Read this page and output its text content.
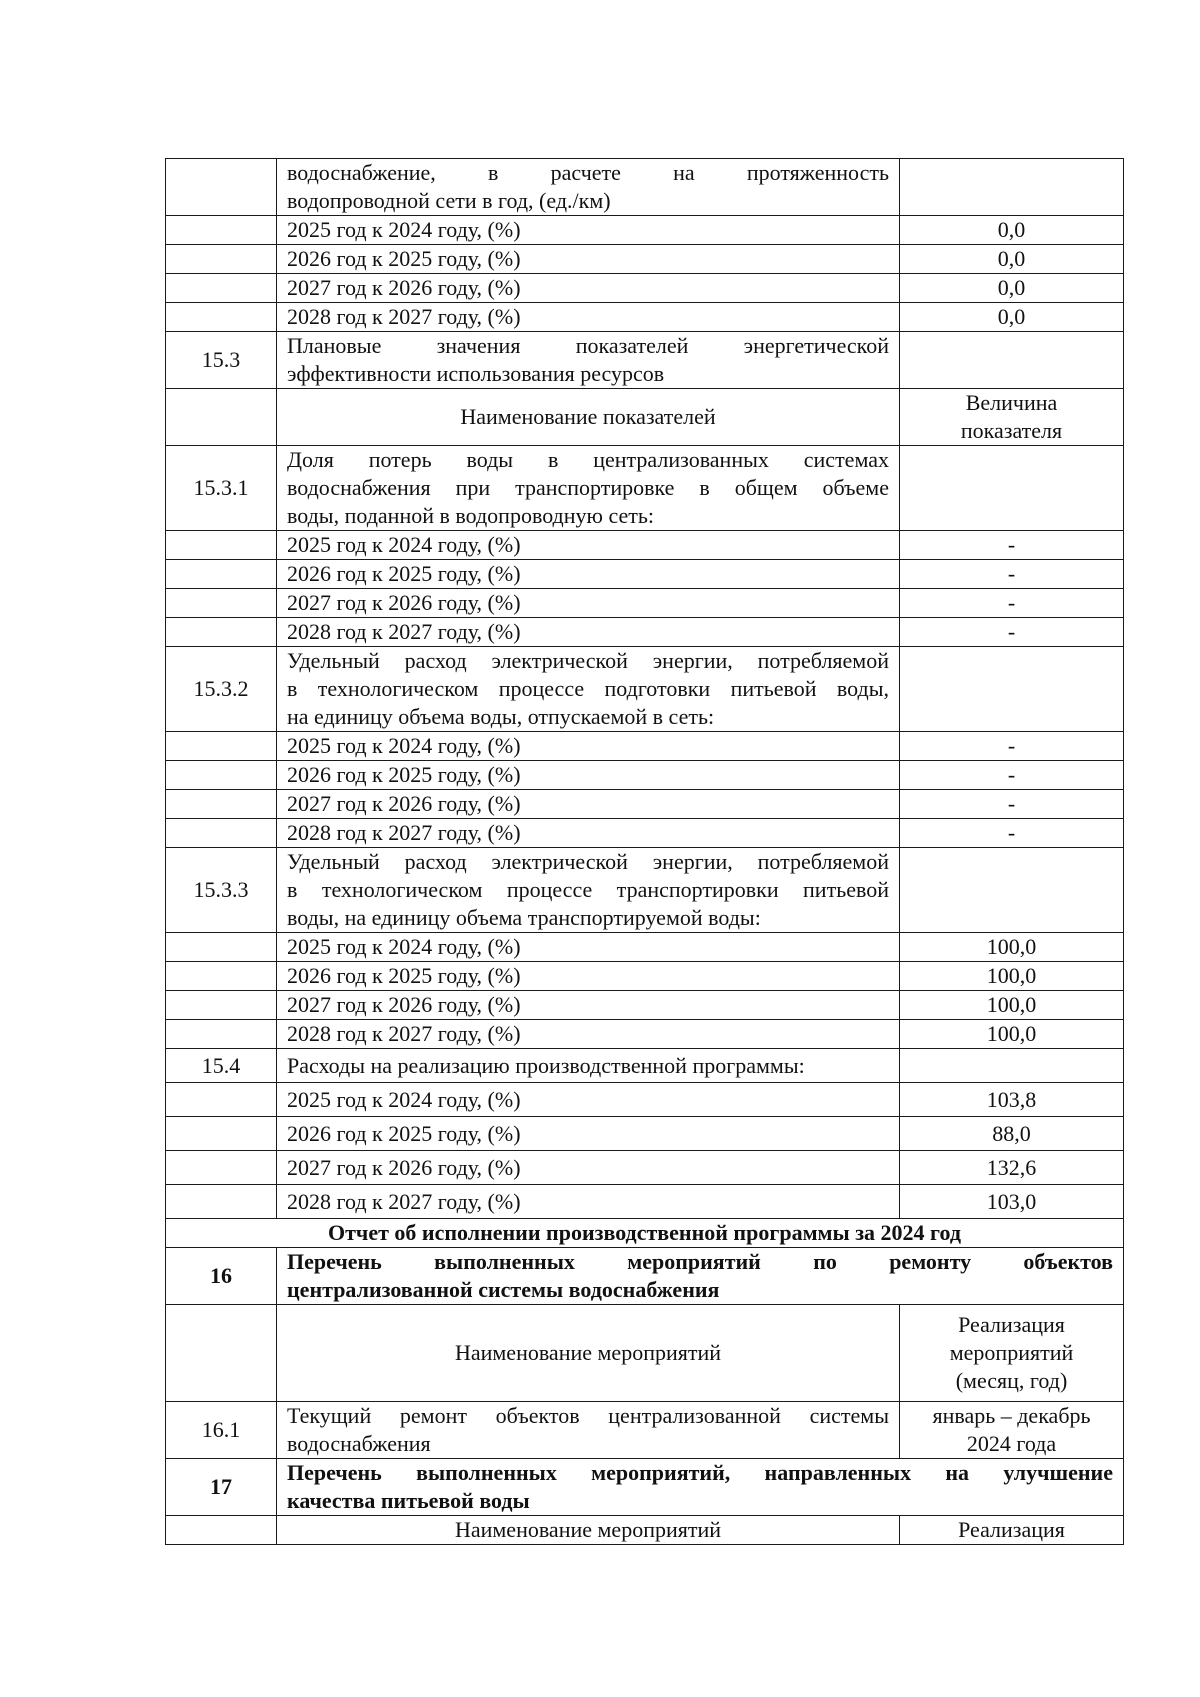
	водоснабжение, в расчете на протяженность
водопроводной сети в год, (ед./км)	

	2025 год к 2024 году, (%)	0,0
	2026 год к 2025 году, (%)	0,0
	2027 год к 2026 году, (%)	0,0
	2028 год к 2027 году, (%)	0,0
15.3	Плановые значения показателей энергетической
эффективности использования ресурсов	

	Наименование показателей	Величина
показателя

15.3.1	Доля потерь воды в централизованных системах
водоснабжения при транспортировке в общем объеме
воды, поданной в водопроводную сеть:	

	2025 год к 2024 году, (%)	-
	2026 год к 2025 году, (%)	-
	2027 год к 2026 году, (%)	-
	2028 год к 2027 году, (%)	-
15.3.2	Удельный расход электрической энергии, потребляемой
в технологическом процессе подготовки питьевой воды,
на единицу объема воды, отпускаемой в сеть:	

	2025 год к 2024 году, (%)	-
	2026 год к 2025 году, (%)	-
	2027 год к 2026 году, (%)	-
	2028 год к 2027 году, (%)	-
15.3.3	Удельный расход электрической энергии, потребляемой
в технологическом процессе транспортировки питьевой
воды, на единицу объема транспортируемой воды:	

	2025 год к 2024 году, (%)	100,0
	2026 год к 2025 году, (%)	100,0
	2027 год к 2026 году, (%)	100,0
	2028 год к 2027 году, (%)	100,0
15.4	Расходы на реализацию производственной программы:	
	2025 год к 2024 году, (%)	103,8
	2026 год к 2025 году, (%)	88,0
	2027 год к 2026 году, (%)	132,6
	2028 год к 2027 году, (%)	103,0
Отчет об исполнении производственной программы за 2024 год		
16	Перечень выполненных мероприятий по ремонту объектов
централизованной системы водоснабжения	

	Наименование мероприятий	Реализация
мероприятий
(месяц, год)

16.1	Текущий ремонт объектов централизованной системы
водоснабжения	январь – декабрь
2024 года

17	Перечень выполненных мероприятий, направленных на улучшение
качества питьевой воды	

	Наименование мероприятий	Реализация
